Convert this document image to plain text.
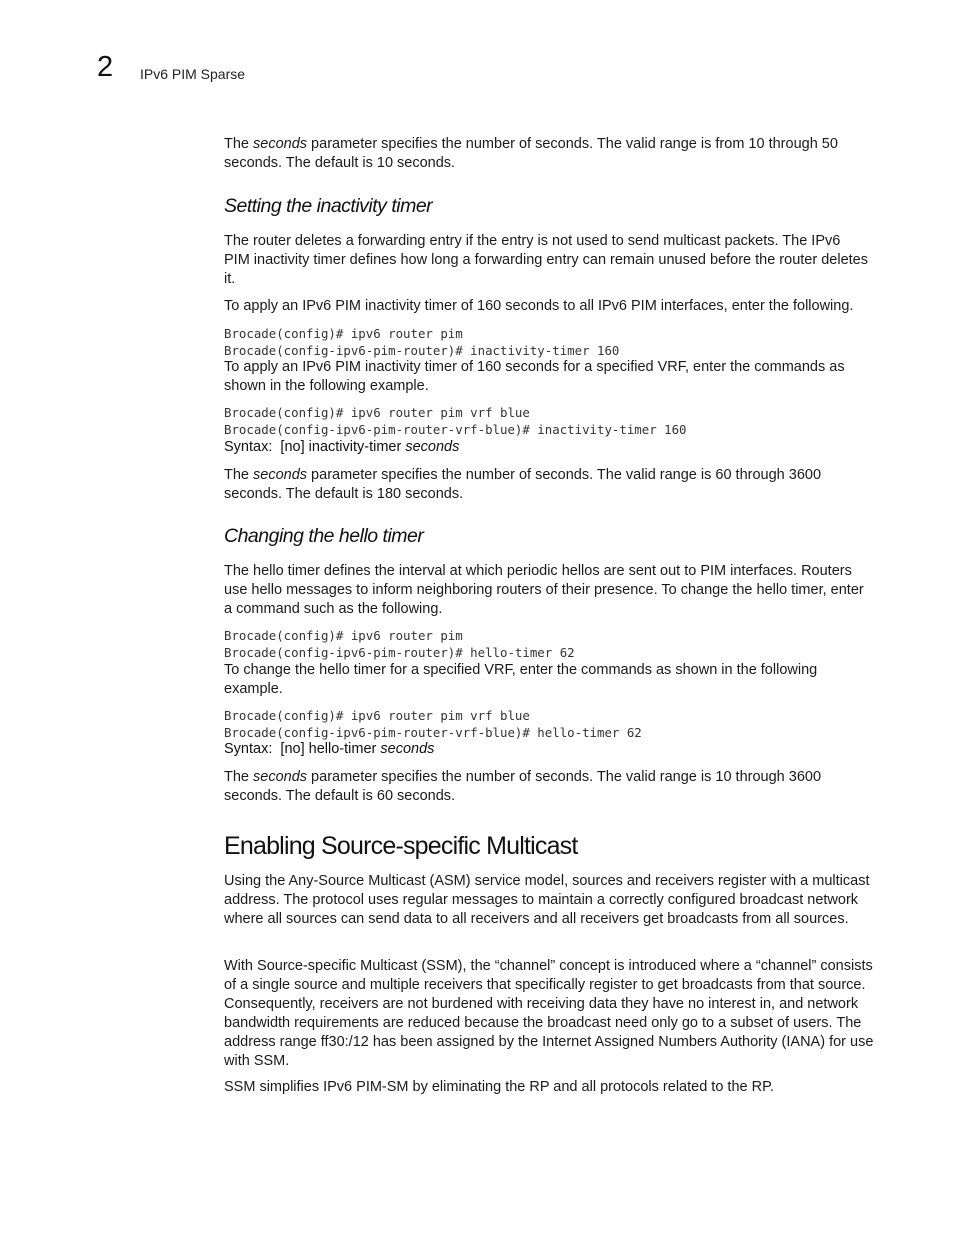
2 IPv6 PIM Sparse
The seconds parameter specifies the number of seconds. The valid range is from 10 through 50 seconds. The default is 10 seconds.
Setting the inactivity timer
The router deletes a forwarding entry if the entry is not used to send multicast packets. The IPv6 PIM inactivity timer defines how long a forwarding entry can remain unused before the router deletes it.
To apply an IPv6 PIM inactivity timer of 160 seconds to all IPv6 PIM interfaces, enter the following.
Brocade(config)# ipv6 router pim
Brocade(config-ipv6-pim-router)# inactivity-timer 160
To apply an IPv6 PIM inactivity timer of 160 seconds for a specified VRF, enter the commands as shown in the following example.
Brocade(config)# ipv6 router pim vrf blue
Brocade(config-ipv6-pim-router-vrf-blue)# inactivity-timer 160
Syntax: [no] inactivity-timer seconds
The seconds parameter specifies the number of seconds. The valid range is 60 through 3600 seconds. The default is 180 seconds.
Changing the hello timer
The hello timer defines the interval at which periodic hellos are sent out to PIM interfaces. Routers use hello messages to inform neighboring routers of their presence. To change the hello timer, enter a command such as the following.
Brocade(config)# ipv6 router pim
Brocade(config-ipv6-pim-router)# hello-timer 62
To change the hello timer for a specified VRF, enter the commands as shown in the following example.
Brocade(config)# ipv6 router pim vrf blue
Brocade(config-ipv6-pim-router-vrf-blue)# hello-timer 62
Syntax: [no] hello-timer seconds
The seconds parameter specifies the number of seconds. The valid range is 10 through 3600 seconds. The default is 60 seconds.
Enabling Source-specific Multicast
Using the Any-Source Multicast (ASM) service model, sources and receivers register with a multicast address. The protocol uses regular messages to maintain a correctly configured broadcast network where all sources can send data to all receivers and all receivers get broadcasts from all sources.
With Source-specific Multicast (SSM), the “channel” concept is introduced where a “channel” consists of a single source and multiple receivers that specifically register to get broadcasts from that source. Consequently, receivers are not burdened with receiving data they have no interest in, and network bandwidth requirements are reduced because the broadcast need only go to a subset of users. The address range ff30:/12 has been assigned by the Internet Assigned Numbers Authority (IANA) for use with SSM.
SSM simplifies IPv6 PIM-SM by eliminating the RP and all protocols related to the RP.
